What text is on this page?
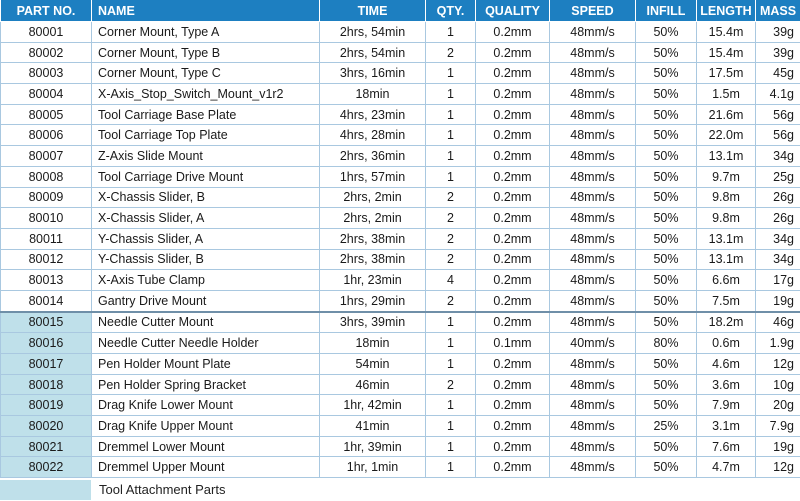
PART NO.	NAME	TIME	QTY.	QUALITY	SPEED	INFILL	LENGTH	MASS
80001	Corner Mount, Type A	2hrs, 54min	1	0.2mm	48mm/s	50%	15.4m	39g
80002	Corner Mount, Type B	2hrs, 54min	2	0.2mm	48mm/s	50%	15.4m	39g
80003	Corner Mount, Type C	3hrs, 16min	1	0.2mm	48mm/s	50%	17.5m	45g
80004	X-Axis_Stop_Switch_Mount_v1r2	18min	1	0.2mm	48mm/s	50%	1.5m	4.1g
80005	Tool Carriage Base Plate	4hrs, 23min	1	0.2mm	48mm/s	50%	21.6m	56g
80006	Tool Carriage Top Plate	4hrs, 28min	1	0.2mm	48mm/s	50%	22.0m	56g
80007	Z-Axis Slide Mount	2hrs, 36min	1	0.2mm	48mm/s	50%	13.1m	34g
80008	Tool Carriage Drive Mount	1hrs, 57min	1	0.2mm	48mm/s	50%	9.7m	25g
80009	X-Chassis Slider, B	2hrs, 2min	2	0.2mm	48mm/s	50%	9.8m	26g
80010	X-Chassis Slider, A	2hrs, 2min	2	0.2mm	48mm/s	50%	9.8m	26g
80011	Y-Chassis Slider, A	2hrs, 38min	2	0.2mm	48mm/s	50%	13.1m	34g
80012	Y-Chassis Slider, B	2hrs, 38min	2	0.2mm	48mm/s	50%	13.1m	34g
80013	X-Axis Tube Clamp	1hr, 23min	4	0.2mm	48mm/s	50%	6.6m	17g
80014	Gantry Drive Mount	1hrs, 29min	2	0.2mm	48mm/s	50%	7.5m	19g
80015	Needle Cutter Mount	3hrs, 39min	1	0.2mm	48mm/s	50%	18.2m	46g
80016	Needle Cutter Needle Holder	18min	1	0.1mm	40mm/s	80%	0.6m	1.9g
80017	Pen Holder Mount Plate	54min	1	0.2mm	48mm/s	50%	4.6m	12g
80018	Pen Holder Spring Bracket	46min	2	0.2mm	48mm/s	50%	3.6m	10g
80019	Drag Knife Lower Mount	1hr, 42min	1	0.2mm	48mm/s	50%	7.9m	20g
80020	Drag Knife Upper Mount	41min	1	0.2mm	48mm/s	25%	3.1m	7.9g
80021	Dremmel Lower Mount	1hr, 39min	1	0.2mm	48mm/s	50%	7.6m	19g
80022	Dremmel Upper Mount	1hr, 1min	1	0.2mm	48mm/s	50%	4.7m	12g
Tool Attachment Parts
